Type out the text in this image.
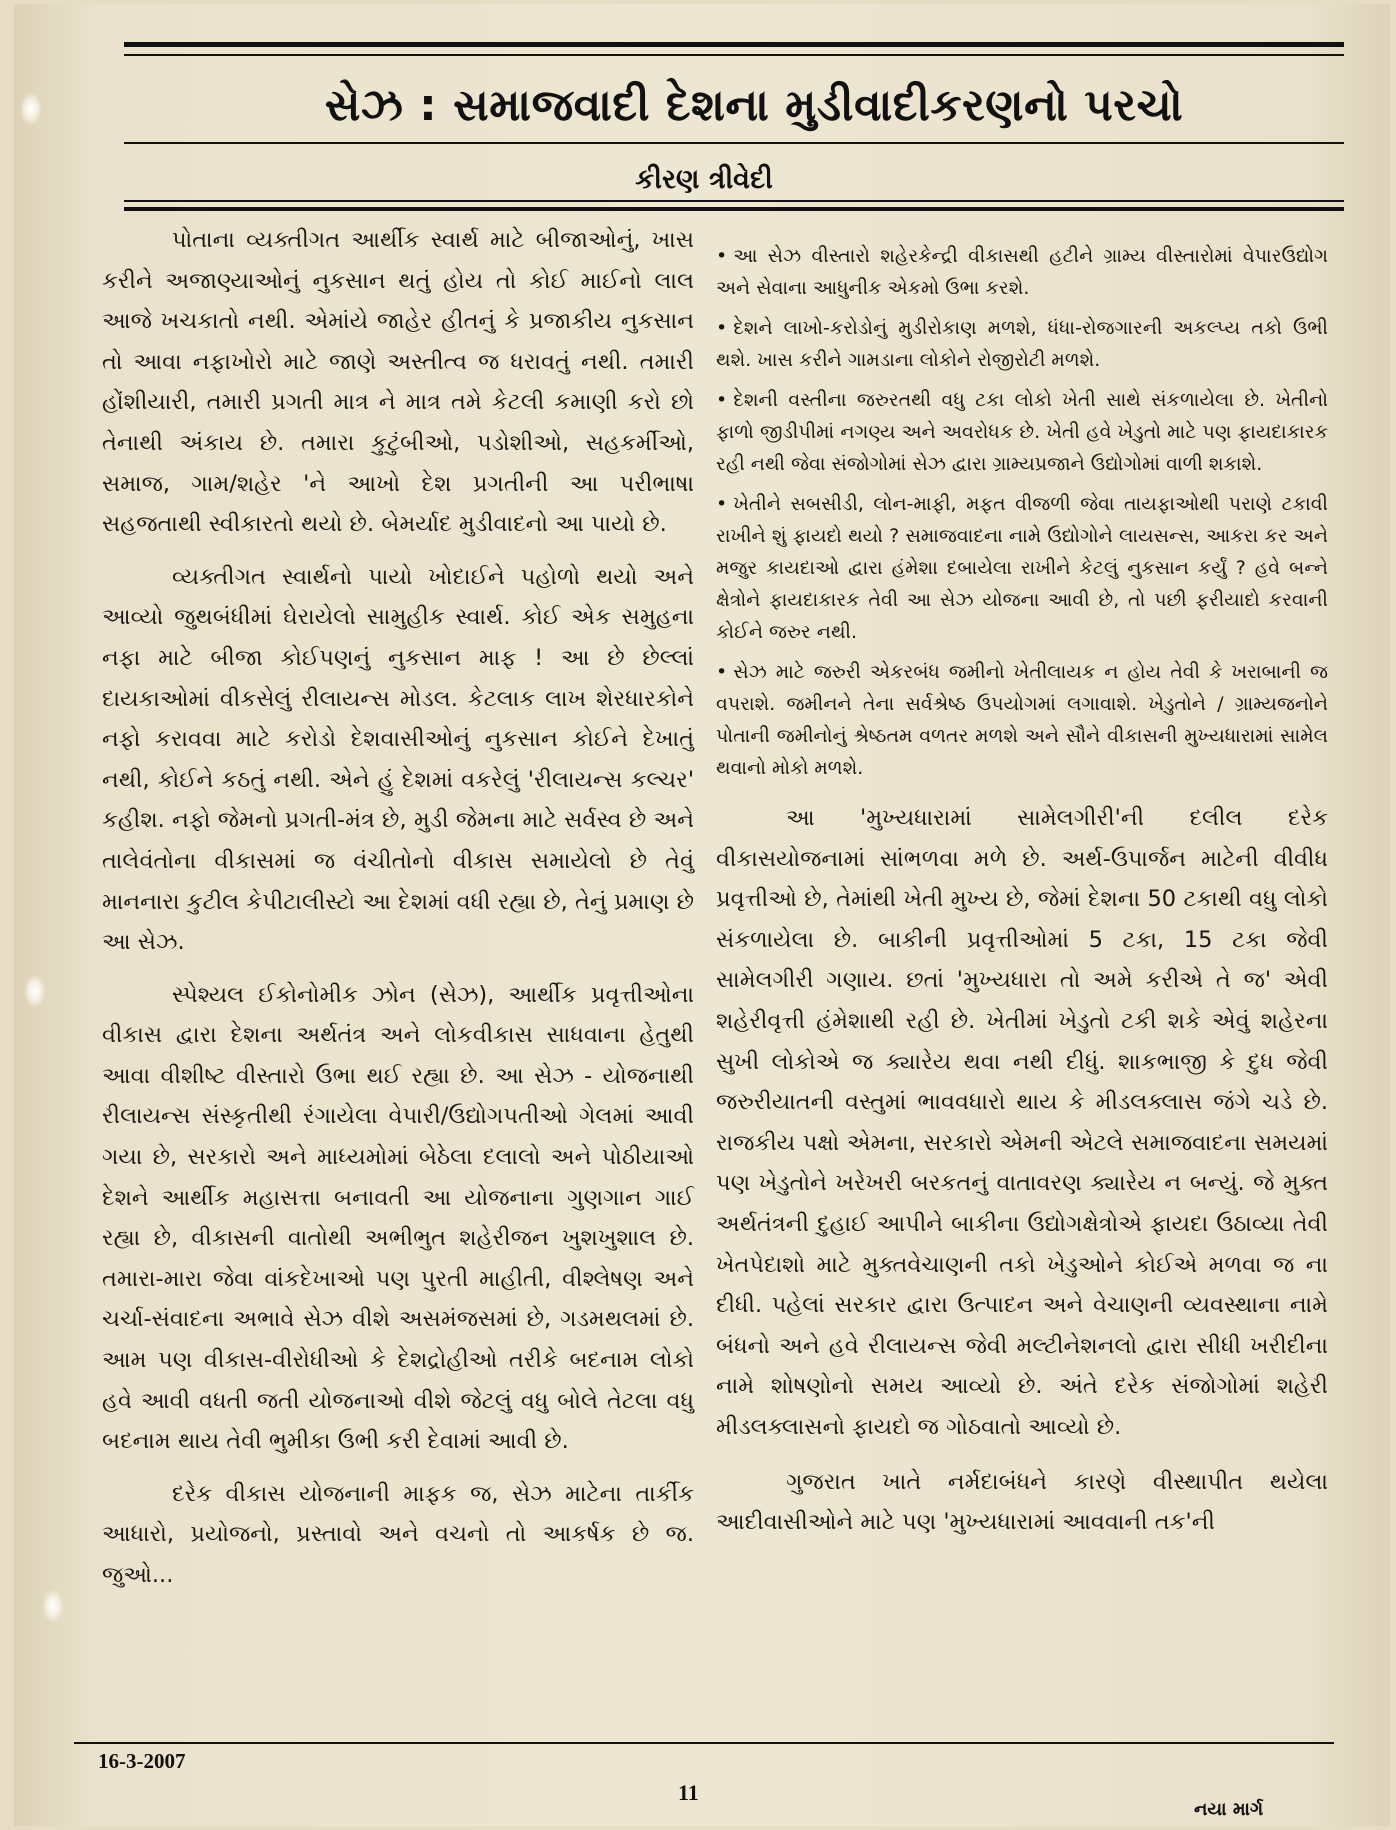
સેઝ : સમાજવાદી દેશના મુડીવાદીકરણનો પરચો
કીરણ ત્રીવેદી

પોતાના વ્યક્તીગત આર્થીક સ્વાર્થ માટે બીજાઓનું, ખાસ કરીને અજાણ્યાઓનું નુકસાન થતું હોય તો કોઈ માઈનો લાલ આજે ખચકાતો નથી. એમાંયે જાહેર હીતનું કે પ્રજાકીય નુકસાન તો આવા નફાખોરો માટે જાણે અસ્તીત્વ જ ધરાવતું નથી. તમારી હોંશીયારી, તમારી પ્રગતી માત્ર ને માત્ર તમે કેટલી કમાણી કરો છો તેનાથી અંકાય છે. તમારા કુટુંબીઓ, પડોશીઓ, સહકર્મીઓ, સમાજ, ગામ/શહેર 'ને આખો દેશ પ્રગતીની આ પરીભાષા સહજતાથી સ્વીકારતો થયો છે. બેમર્યાદ મુડીવાદનો આ પાયો છે.

વ્યક્તીગત સ્વાર્થનો પાયો ખોદાઈને પહોળો થયો અને આવ્યો જુથબંધીમાં ઘેરાયેલો સામુહીક સ્વાર્થ. કોઈ એક સમુહના નફા માટે બીજા કોઈપણનું નુકસાન માફ ! આ છે છેલ્લાં દાયકાઓમાં વીકસેલું રીલાયન્સ મોડલ. કેટલાક લાખ શેરધારકોને નફો કરાવવા માટે કરોડો દેશવાસીઓનું નુકસાન કોઈને દેખાતું નથી, કોઈને કઠતું નથી. એને હું દેશમાં વકરેલું 'રીલાયન્સ કલ્ચર' કહીશ. નફો જેમનો પ્રગતી-મંત્ર છે, મુડી જેમના માટે સર્વસ્વ છે અને તાલેવંતોના વીકાસમાં જ વંચીતોનો વીકાસ સમાયેલો છે તેવું માનનારા કુટીલ કેપીટાલીસ્ટો આ દેશમાં વધી રહ્યા છે, તેનું પ્રમાણ છે આ સેઝ.

સ્પેશ્યલ ઈકોનોમીક ઝોન (સેઝ), આર્થીક પ્રવૃત્તીઓના વીકાસ દ્વારા દેશના અર્થતંત્ર અને લોકવીકાસ સાધવાના હેતુથી આવા વીશીષ્ટ વીસ્તારો ઉભા થઈ રહ્યા છે. આ સેઝ - યોજનાથી રીલાયન્સ સંસ્કૃતીથી રંગાયેલા વેપારી/ઉદ્યોગપતીઓ ગેલમાં આવી ગયા છે, સરકારો અને માધ્યમોમાં બેઠેલા દલાલો અને પોઠીયાઓ દેશને આર્થીક મહાસત્તા બનાવતી આ યોજનાના ગુણગાન ગાઈ રહ્યા છે, વીકાસની વાતોથી અભીભુત શહેરીજન ખુશખુશાલ છે. તમારા-મારા જેવા વાંકદેખાઓ પણ પુરતી માહીતી, વીશ્લેષણ અને ચર્ચા-સંવાદના અભાવે સેઝ વીશે અસમંજસમાં છે, ગડમથલમાં છે. આમ પણ વીકાસ-વીરોધીઓ કે દેશદ્રોહીઓ તરીકે બદનામ લોકો હવે આવી વધતી જતી યોજનાઓ વીશે જેટલું વધુ બોલે તેટલા વધુ બદનામ થાય તેવી ભુમીકા ઉભી કરી દેવામાં આવી છે.

દરેક વીકાસ યોજનાની માફક જ, સેઝ માટેના તાર્કીક આધારો, પ્રયોજનો, પ્રસ્તાવો અને વચનો તો આકર્ષક છે જ. જુઓ...

• આ સેઝ વીસ્તારો શહેરકેન્દ્રી વીકાસથી હટીને ગ્રામ્ય વીસ્તારોમાં વેપારઉદ્યોગ અને સેવાના આધુનીક એકમો ઉભા કરશે.
• દેશને લાખો-કરોડોનું મુડીરોકાણ મળશે, ધંધા-રોજગારની અકલ્પ્ય તકો ઉભી થશે. ખાસ કરીને ગામડાના લોકોને રોજીરોટી મળશે.
• દેશની વસ્તીના જરુરતથી વધુ ટકા લોકો ખેતી સાથે સંકળાયેલા છે. ખેતીનો ફાળો જીડીપીમાં નગણ્ય અને અવરોધક છે. ખેતી હવે ખેડુતો માટે પણ ફાયદાકારક રહી નથી જેવા સંજોગોમાં સેઝ દ્વારા ગ્રામ્યપ્રજાને ઉદ્યોગોમાં વાળી શકાશે.
• ખેતીને સબસીડી, લોન-માફી, મફત વીજળી જેવા તાયફાઓથી પરાણે ટકાવી રાખીને શું ફાયદો થયો ? સમાજવાદના નામે ઉદ્યોગોને લાયસન્સ, આકરા કર અને મજુર કાયદાઓ દ્વારા હંમેશા દબાયેલા રાખીને કેટલું નુકસાન કર્યું ? હવે બન્ને ક્ષેત્રોને ફાયદાકારક તેવી આ સેઝ યોજના આવી છે, તો પછી ફરીયાદો કરવાની કોઈને જરુર નથી.
• સેઝ માટે જરુરી એકરબંધ જમીનો ખેતીલાયક ન હોય તેવી કે ખરાબાની જ વપરાશે. જમીનને તેના સર્વશ્રેષ્ઠ ઉપયોગમાં લગાવાશે. ખેડુતોને / ગ્રામ્યજનોને પોતાની જમીનોનું શ્રેષ્ઠતમ વળતર મળશે અને સૌને વીકાસની મુખ્યધારામાં સામેલ થવાનો મોકો મળશે.

આ 'મુખ્યધારામાં સામેલગીરી'ની દલીલ દરેક વીકાસયોજનામાં સાંભળવા મળે છે. અર્થ-ઉપાર્જન માટેની વીવીધ પ્રવૃત્તીઓ છે, તેમાંથી ખેતી મુખ્ય છે, જેમાં દેશના 50 ટકાથી વધુ લોકો સંકળાયેલા છે. બાકીની પ્રવૃત્તીઓમાં 5 ટકા, 15 ટકા જેવી સામેલગીરી ગણાય. છતાં 'મુખ્યધારા તો અમે કરીએ તે જ' એવી શહેરીવૃત્તી હંમેશાથી રહી છે. ખેતીમાં ખેડુતો ટકી શકે એવું શહેરના સુખી લોકોએ જ ક્યારેય થવા નથી દીધું. શાકભાજી કે દુધ જેવી જરુરીયાતની વસ્તુમાં ભાવવધારો થાય કે મીડલક્લાસ જંગે ચડે છે. રાજકીય પક્ષો એમના, સરકારો એમની એટલે સમાજવાદના સમયમાં પણ ખેડુતોને ખરેખરી બરકતનું વાતાવરણ ક્યારેય ન બન્યું. જે મુક્ત અર્થતંત્રની દુહાઈ આપીને બાકીના ઉદ્યોગક્ષેત્રોએ ફાયદા ઉઠાવ્યા તેવી ખેતપેદાશો માટે મુક્તવેચાણની તકો ખેડુઓને કોઈએ મળવા જ ના દીધી. પહેલાં સરકાર દ્વારા ઉત્પાદન અને વેચાણની વ્યવસ્થાના નામે બંધનો અને હવે રીલાયન્સ જેવી મલ્ટીનેશનલો દ્વારા સીધી ખરીદીના નામે શોષણોનો સમય આવ્યો છે. અંતે દરેક સંજોગોમાં શહેરી મીડલક્લાસનો ફાયદો જ ગોઠવાતો આવ્યો છે.

ગુજરાત ખાતે નર્મદાબંધને કારણે વીસ્થાપીત થયેલા આદીવાસીઓને માટે પણ 'મુખ્યધારામાં આવવાની તક'ની

16-3-2007
11
નયા માર્ગ
